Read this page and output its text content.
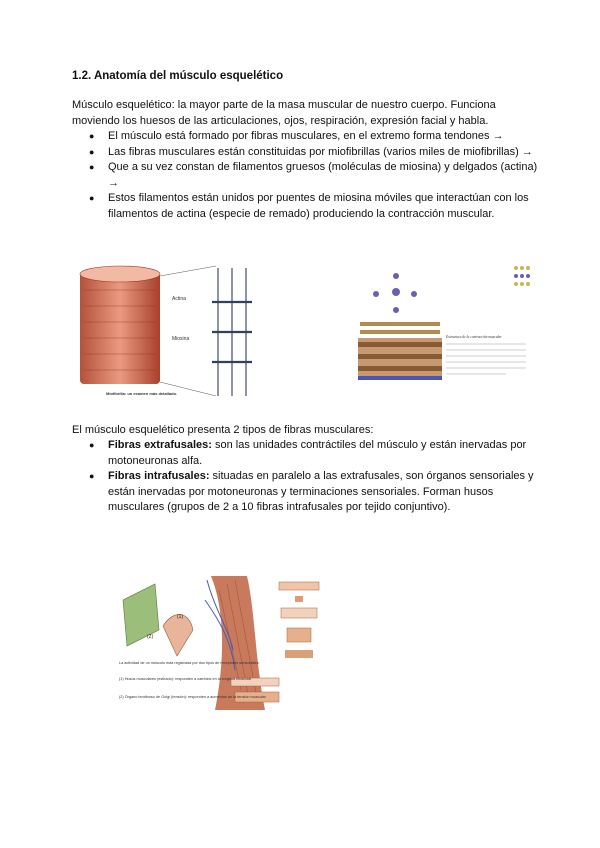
1.2. Anatomía del músculo esquelético

Músculo esquelético: la mayor parte de la masa muscular de nuestro cuerpo. Funciona moviendo los huesos de las articulaciones, ojos, respiración, expresión facial y habla.

● El músculo está formado por fibras musculares, en el extremo forma tendones →
● Las fibras musculares están constituidas por miofibrillas (varios miles de miofibrillas) →
● Que a su vez constan de filamentos gruesos (moléculas de miosina) y delgados (actina) →
● Estos filamentos están unidos por puentes de miosina móviles que interactúan con los filamentos de actina (especie de remado) produciendo la contracción muscular.
Actina
Miosina
Miofibrilla: un examen más detallado.
Estructura de la contracción muscular

El músculo esquelético presenta 2 tipos de fibras musculares:

● Fibras extrafusales: son las unidades contráctiles del músculo y están inervadas por motoneuronas alfa.
● Fibras intrafusales: situadas en paralelo a las extrafusales, son órganos sensoriales y están inervadas por motoneuronas y terminaciones sensoriales. Forman husos musculares (grupos de 2 a 10 fibras intrafusales por tejido conjuntivo).
(1)
(2)
La actividad de un músculo está registrada por dos tipos de receptores sensoriales:
(1) Husos musculares (estirado): responden a cambios en la longitud muscular
(2) Órgano tendinoso de Golgi (tensión): responden a aumentos de la tensión muscular
